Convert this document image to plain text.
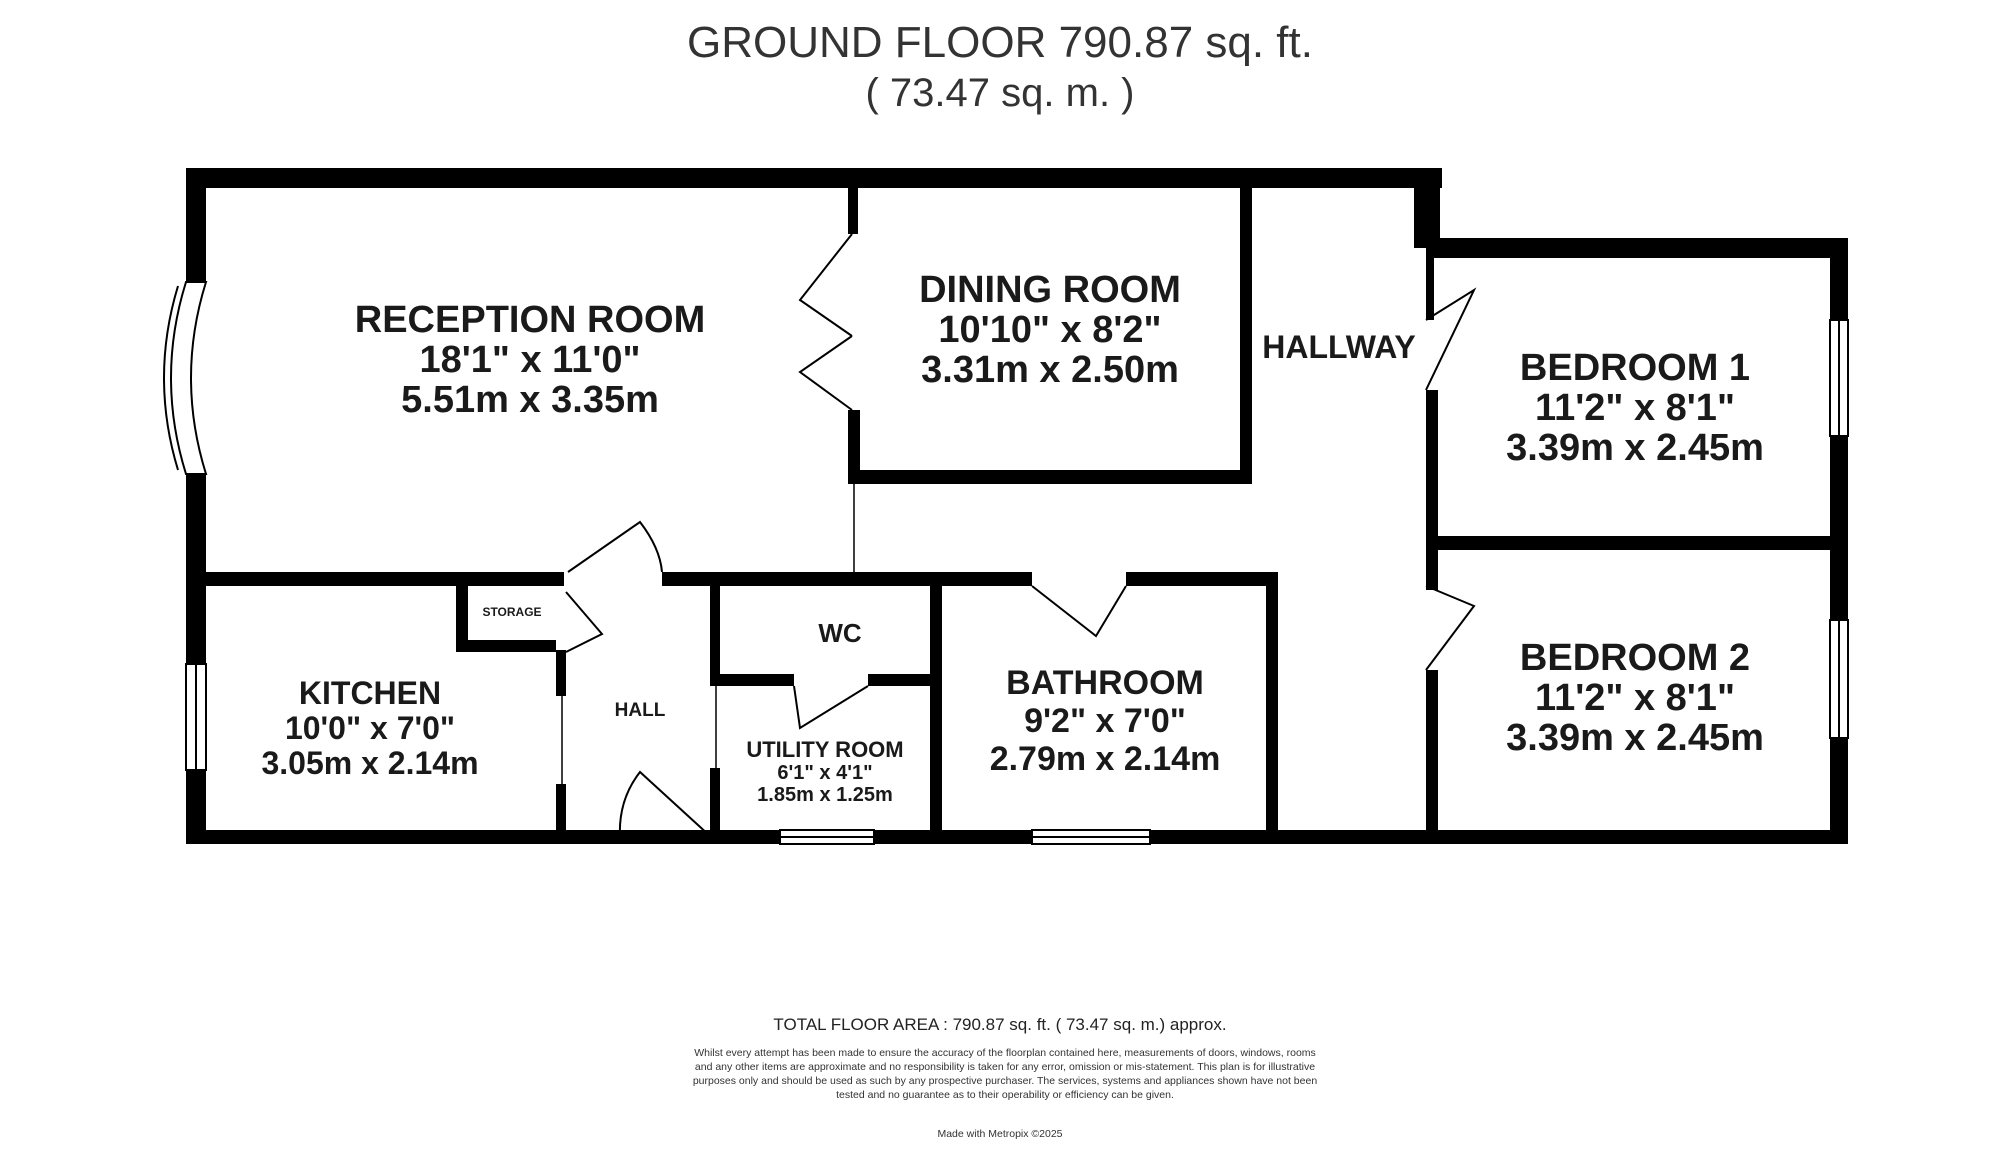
GROUND FLOOR 790.87 sq. ft.
( 73.47 sq. m. )
RECEPTION ROOM
18'1" x 11'0"
5.51m x 3.35m
DINING ROOM
10'10" x 8'2"
3.31m x 2.50m
HALLWAY	BEDROOM 1
11'2" x 8'1"
3.39m x 2.45m
BEDROOM 2
11'2" x 8'1"
3.39m x 2.45m
KITCHEN
10'0" x 7'0"
3.05m x 2.14m
STORAGE
HALL
WC
UTILITY ROOM
6'1" x 4'1"
1.85m x 1.25m
BATHROOM
9'2" x 7'0"
2.79m x 2.14m
TOTAL FLOOR AREA : 790.87 sq. ft. ( 73.47 sq. m.) approx.
Whilst every attempt has been made to ensure the accuracy of the floorplan contained here, measurements of doors, windows, rooms and any other items are approximate and no responsibility is taken for any error, omission or mis-statement. This plan is for illustrative purposes only and should be used as such by any prospective purchaser. The services, systems and appliances shown have not been tested and no guarantee as to their operability or efficiency can be given.
Made with Metropix ©2025
